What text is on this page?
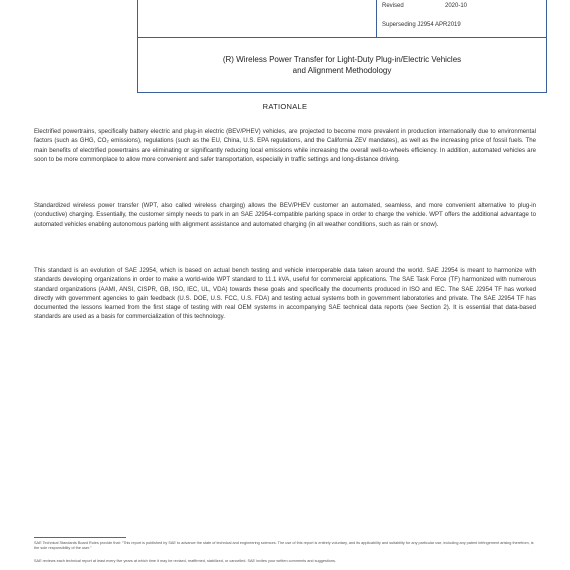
Revised	2020-10
Superseding J2954 APR2019
(R) Wireless Power Transfer for Light-Duty Plug-in/Electric Vehicles
and Alignment Methodology
RATIONALE

Electrified powertrains, specifically battery electric and plug-in electric (BEV/PHEV) vehicles, are projected to become more prevalent in production internationally due to environmental factors (such as GHG, CO₂ emissions), regulations (such as the EU, China, U.S. EPA regulations, and the California ZEV mandates), as well as the increasing price of fossil fuels. The main benefits of electrified powertrains are eliminating or significantly reducing local emissions while increasing the overall well-to-wheels efficiency. In addition, automated vehicles are soon to be more commonplace to allow more convenient and safer transportation, especially in traffic settings and long-distance driving.

Standardized wireless power transfer (WPT, also called wireless charging) allows the BEV/PHEV customer an automated, seamless, and more convenient alternative to plug-in (conductive) charging. Essentially, the customer simply needs to park in an SAE J2954-compatible parking space in order to charge the vehicle. WPT offers the additional advantage to automated vehicles enabling autonomous parking with alignment assistance and automated charging (in all weather conditions, such as rain or snow).

This standard is an evolution of SAE J2954, which is based on actual bench testing and vehicle interoperable data taken around the world. SAE J2954 is meant to harmonize with standards developing organizations in order to make a world-wide WPT standard to 11.1 kVA, useful for commercial applications. The SAE Task Force (TF) harmonized with numerous standard organizations (AAMI, ANSI, CISPR, GB, ISO, IEC, UL, VDA) towards these goals and specifically the documents produced in ISO and IEC. The SAE J2954 TF has worked directly with government agencies to gain feedback (U.S. DOE, U.S. FCC, U.S. FDA) and testing actual systems both in government laboratories and private. The SAE J2954 TF has documented the lessons learned from the first stage of testing with real OEM systems in accompanying SAE technical data reports (see Section 2). It is essential that data-based standards are used as a basis for commercialization of this technology.

SAE Technical Standards Board Rules provide that: “This report is published by SAE to advance the state of technical and engineering sciences. The use of this report is entirely voluntary, and its applicability and suitability for any particular use, including any patent infringement arising therefrom, is the sole responsibility of the user.”

SAE reviews each technical report at least every five years at which time it may be revised, reaffirmed, stabilized, or cancelled. SAE invites your written comments and suggestions.
